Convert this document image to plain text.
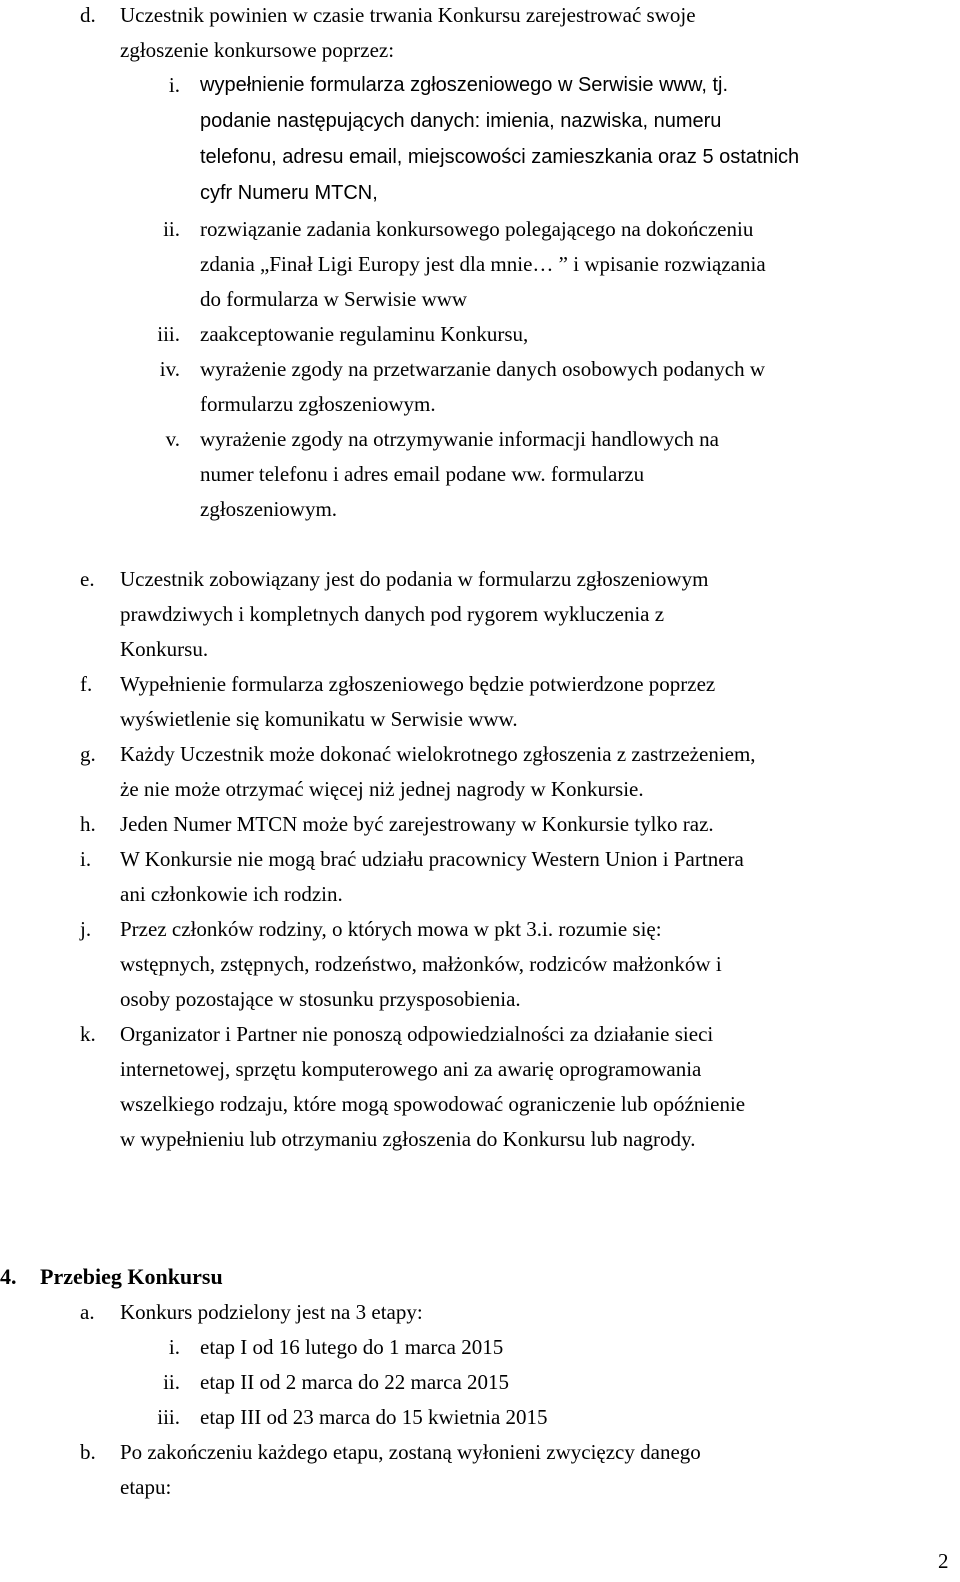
d. Uczestnik powinien w czasie trwania Konkursu zarejestrować swoje
zgłoszenie konkursowe poprzez:
i. wypełnienie formularza zgłoszeniowego w Serwisie www, tj.
podanie następujących danych: imienia, nazwiska, numeru
telefonu, adresu email, miejscowości zamieszkania oraz 5 ostatnich
cyfr Numeru MTCN,
ii. rozwiązanie zadania konkursowego polegającego na dokończeniu
zdania „Finał Ligi Europy jest dla mnie… ” i wpisanie rozwiązania
do formularza w Serwisie www
iii. zaakceptowanie regulaminu Konkursu,
iv. wyrażenie zgody na przetwarzanie danych osobowych podanych w
formularzu zgłoszeniowym.
v. wyrażenie zgody na otrzymywanie informacji handlowych na
numer telefonu i adres email podane ww. formularzu
zgłoszeniowym.
e. Uczestnik zobowiązany jest do podania w formularzu zgłoszeniowym
prawdziwych i kompletnych danych pod rygorem wykluczenia z
Konkursu.
f. Wypełnienie formularza zgłoszeniowego będzie potwierdzone poprzez
wyświetlenie się komunikatu w Serwisie www.
g. Każdy Uczestnik może dokonać wielokrotnego zgłoszenia z zastrzeżeniem,
że nie może otrzymać więcej niż jednej nagrody w Konkursie.
h. Jeden Numer MTCN może być zarejestrowany w Konkursie tylko raz.
i. W Konkursie nie mogą brać udziału pracownicy Western Union i Partnera
ani członkowie ich rodzin.
j. Przez członków rodziny, o których mowa w pkt 3.i. rozumie się:
wstępnych, zstępnych, rodzeństwo, małżonków, rodziców małżonków i
osoby pozostające w stosunku przysposobienia.
k. Organizator i Partner nie ponoszą odpowiedzialności za działanie sieci
internetowej, sprzętu komputerowego ani za awarię oprogramowania
wszelkiego rodzaju, które mogą spowodować ograniczenie lub opóźnienie
w wypełnieniu lub otrzymaniu zgłoszenia do Konkursu lub nagrody.
4. Przebieg Konkursu
a. Konkurs podzielony jest na 3 etapy:
i. etap I od 16 lutego do 1 marca 2015
ii. etap II od 2 marca do 22 marca 2015
iii. etap III od 23 marca do 15 kwietnia 2015
b. Po zakończeniu każdego etapu, zostaną wyłonieni zwycięzcy danego
etapu:
2
